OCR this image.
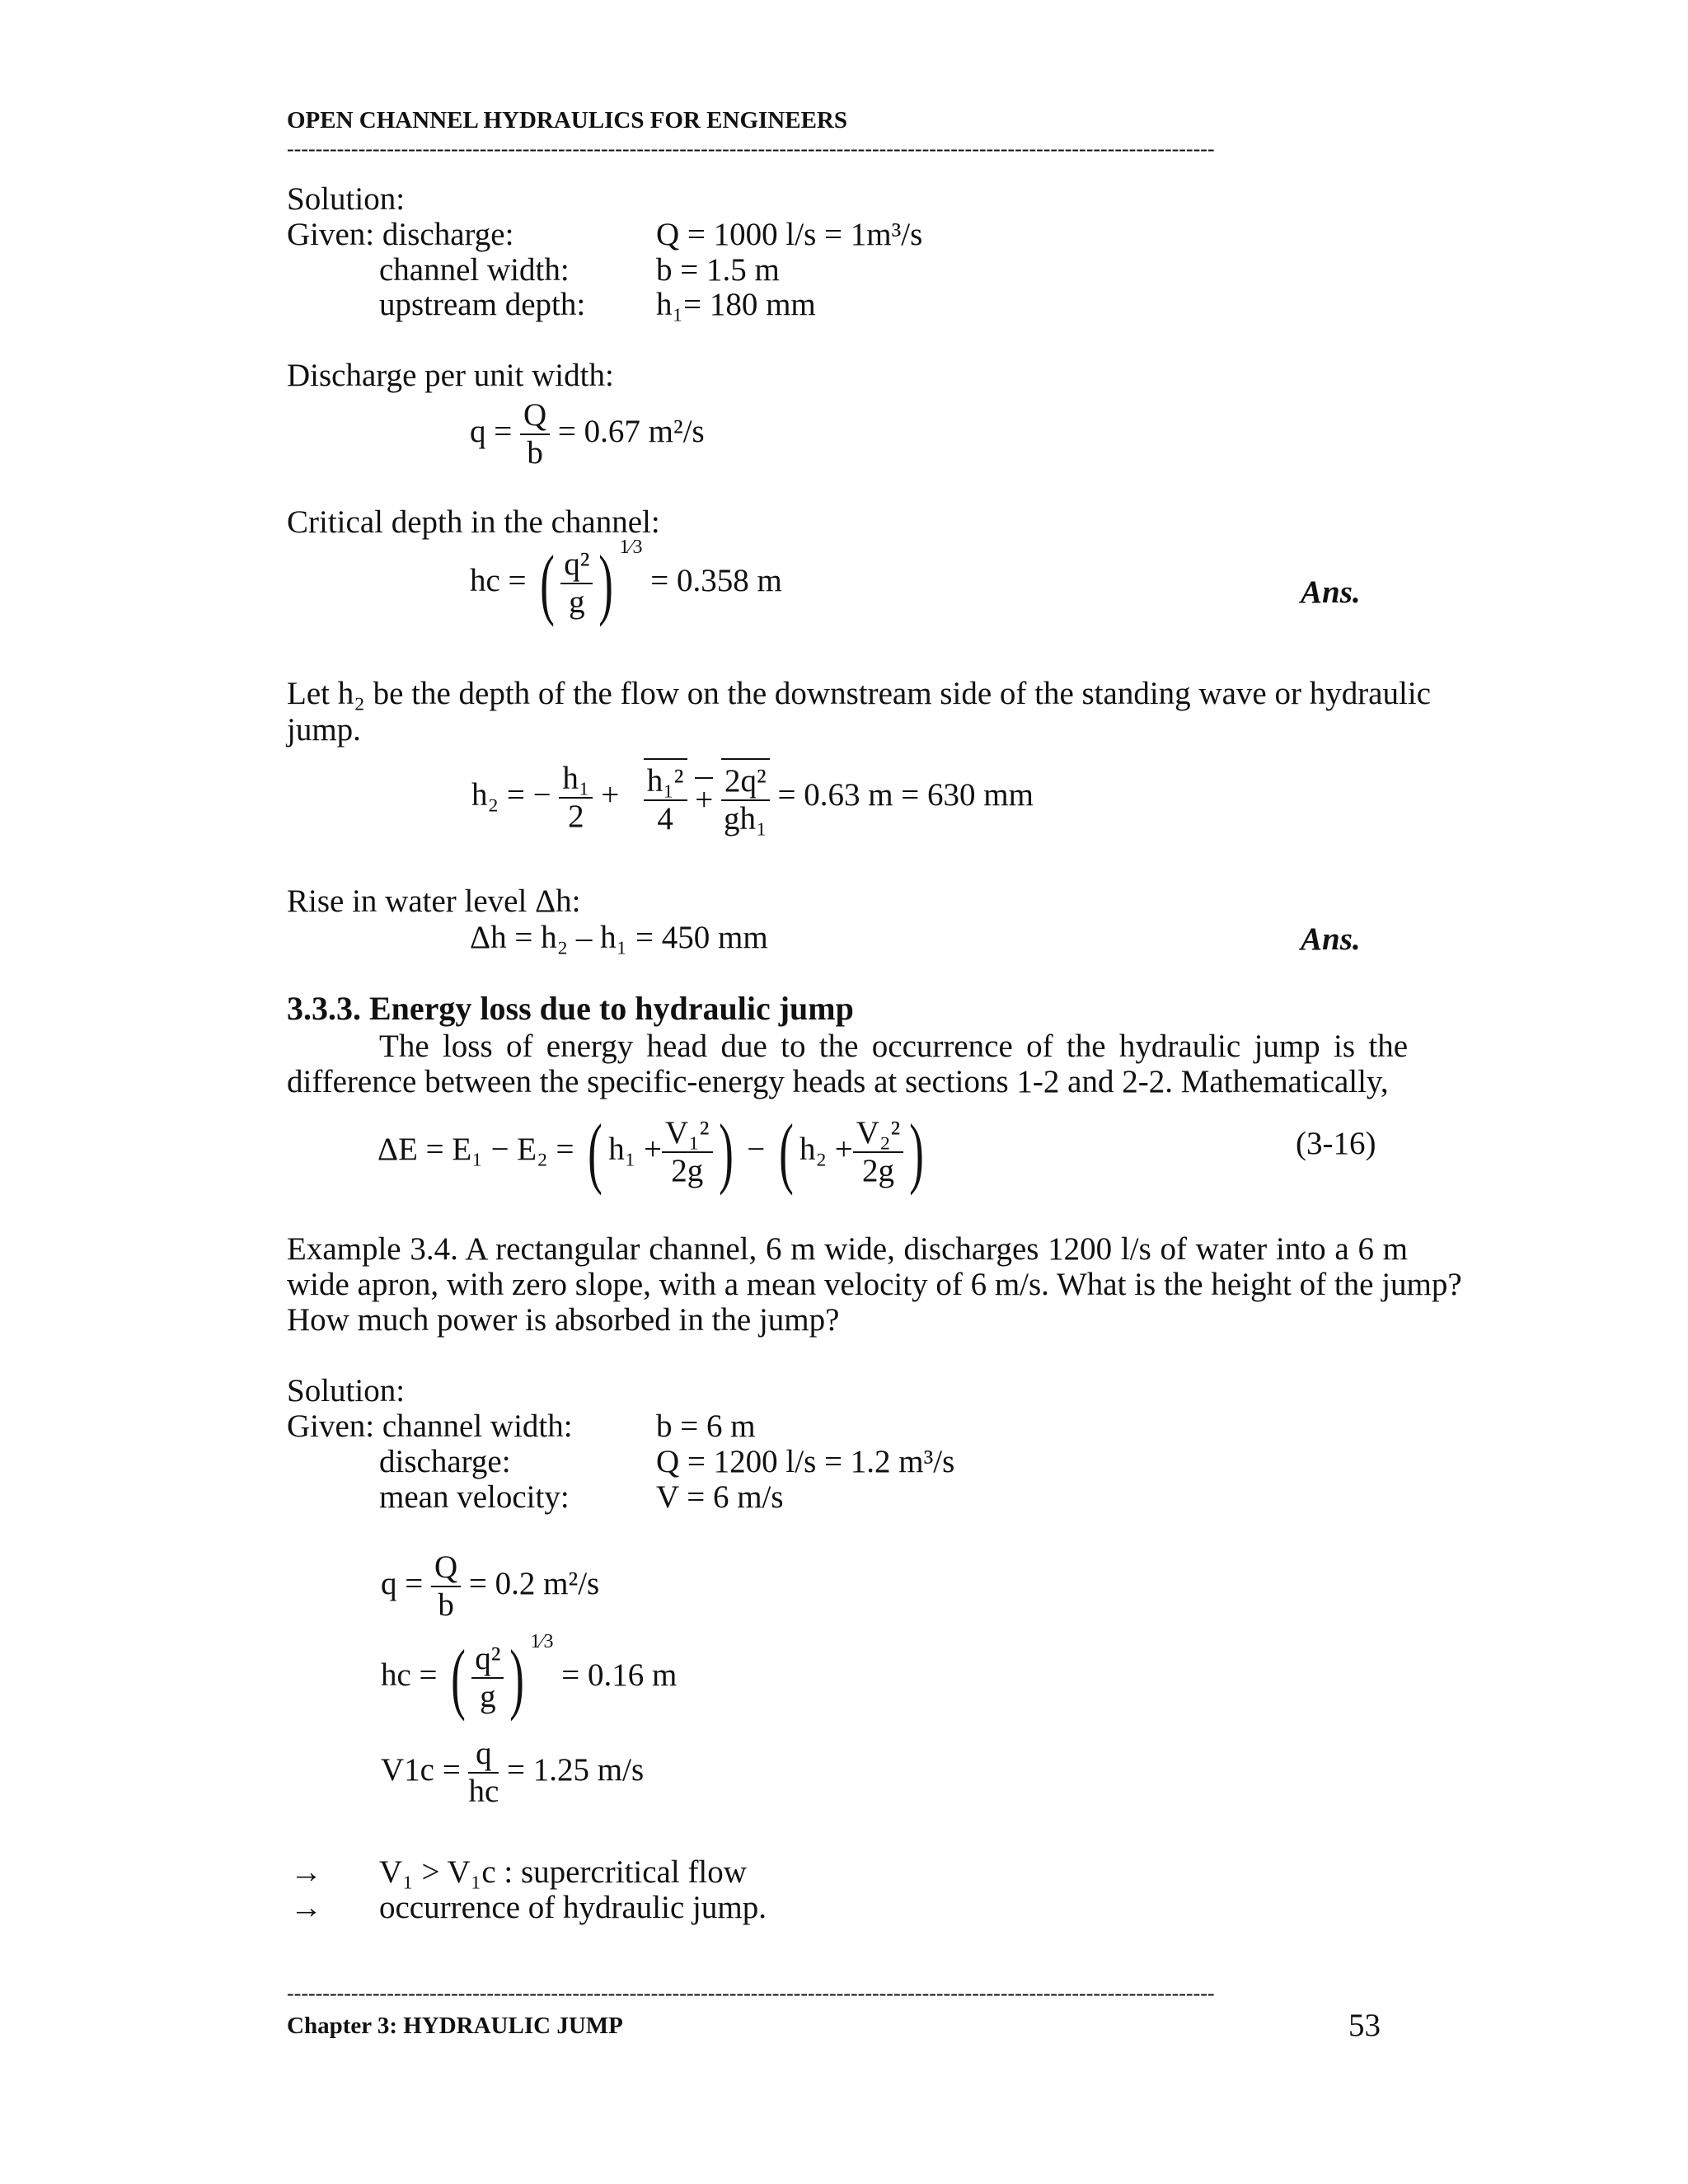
OPEN CHANNEL HYDRAULICS FOR ENGINEERS
----------------------------------------------------------------------------------------------------------------------------------
Solution:
Given: discharge:	Q = 1000 l/s = 1m³/s
channel width:	b = 1.5 m
upstream depth: h₁= 180 mm
Discharge per unit width:
$q = \frac{Q}{b} = 0.67$ m²/s
Critical depth in the channel:
hc = ( $\frac{\text{q²}}{g}$ ) $^{1⁄3}$ = 0.358 m	Ans.
Let h₂ be the depth of the flow on the downstream side of the standing wave or hydraulic
jump.
h₂ = − $\frac{\text{h₁}}{2} + \frac{\text{h₁²}}{4} + \frac{\text{2q²}}{\text{gh₁}} = 0.63$ m = 630 mm
Rise in water level Δh:
Δh = h₂ – h₁ = 450 mm	Ans.
3.3.3. Energy loss due to hydraulic jump
The loss of energy head due to the occurrence of the hydraulic jump is the
difference between the specific-energy heads at sections 1-2 and 2-2. Mathematically,
ΔE = E₁ − E₂ = ( $h_1 + \frac{\text{V₁²}}{2g}$ ) − ( $h_2 + \frac{\text{V₂²}}{2g}$ )	(3-16)
Example 3.4. A rectangular channel, 6 m wide, discharges 1200 l/s of water into a 6 m
wide apron, with zero slope, with a mean velocity of 6 m/s. What is the height of the jump?
How much power is absorbed in the jump?
Solution:
Given: channel width:	b = 6 m
discharge:	Q = 1200 l/s = 1.2 m³/s
mean velocity:	V = 6 m/s
$q = \frac{Q}{b} = 0.2$ m²/s
hc = ( $\frac{\text{q²}}{g}$ ) $^{1⁄3}$ = 0.16 m
$V1c = \frac{q}{hc} = 1.25$ m/s
→ V₁ > V₁c : supercritical flow
→ occurrence of hydraulic jump.
----------------------------------------------------------------------------------------------------------------------------------
Chapter 3: HYDRAULIC JUMP	53
